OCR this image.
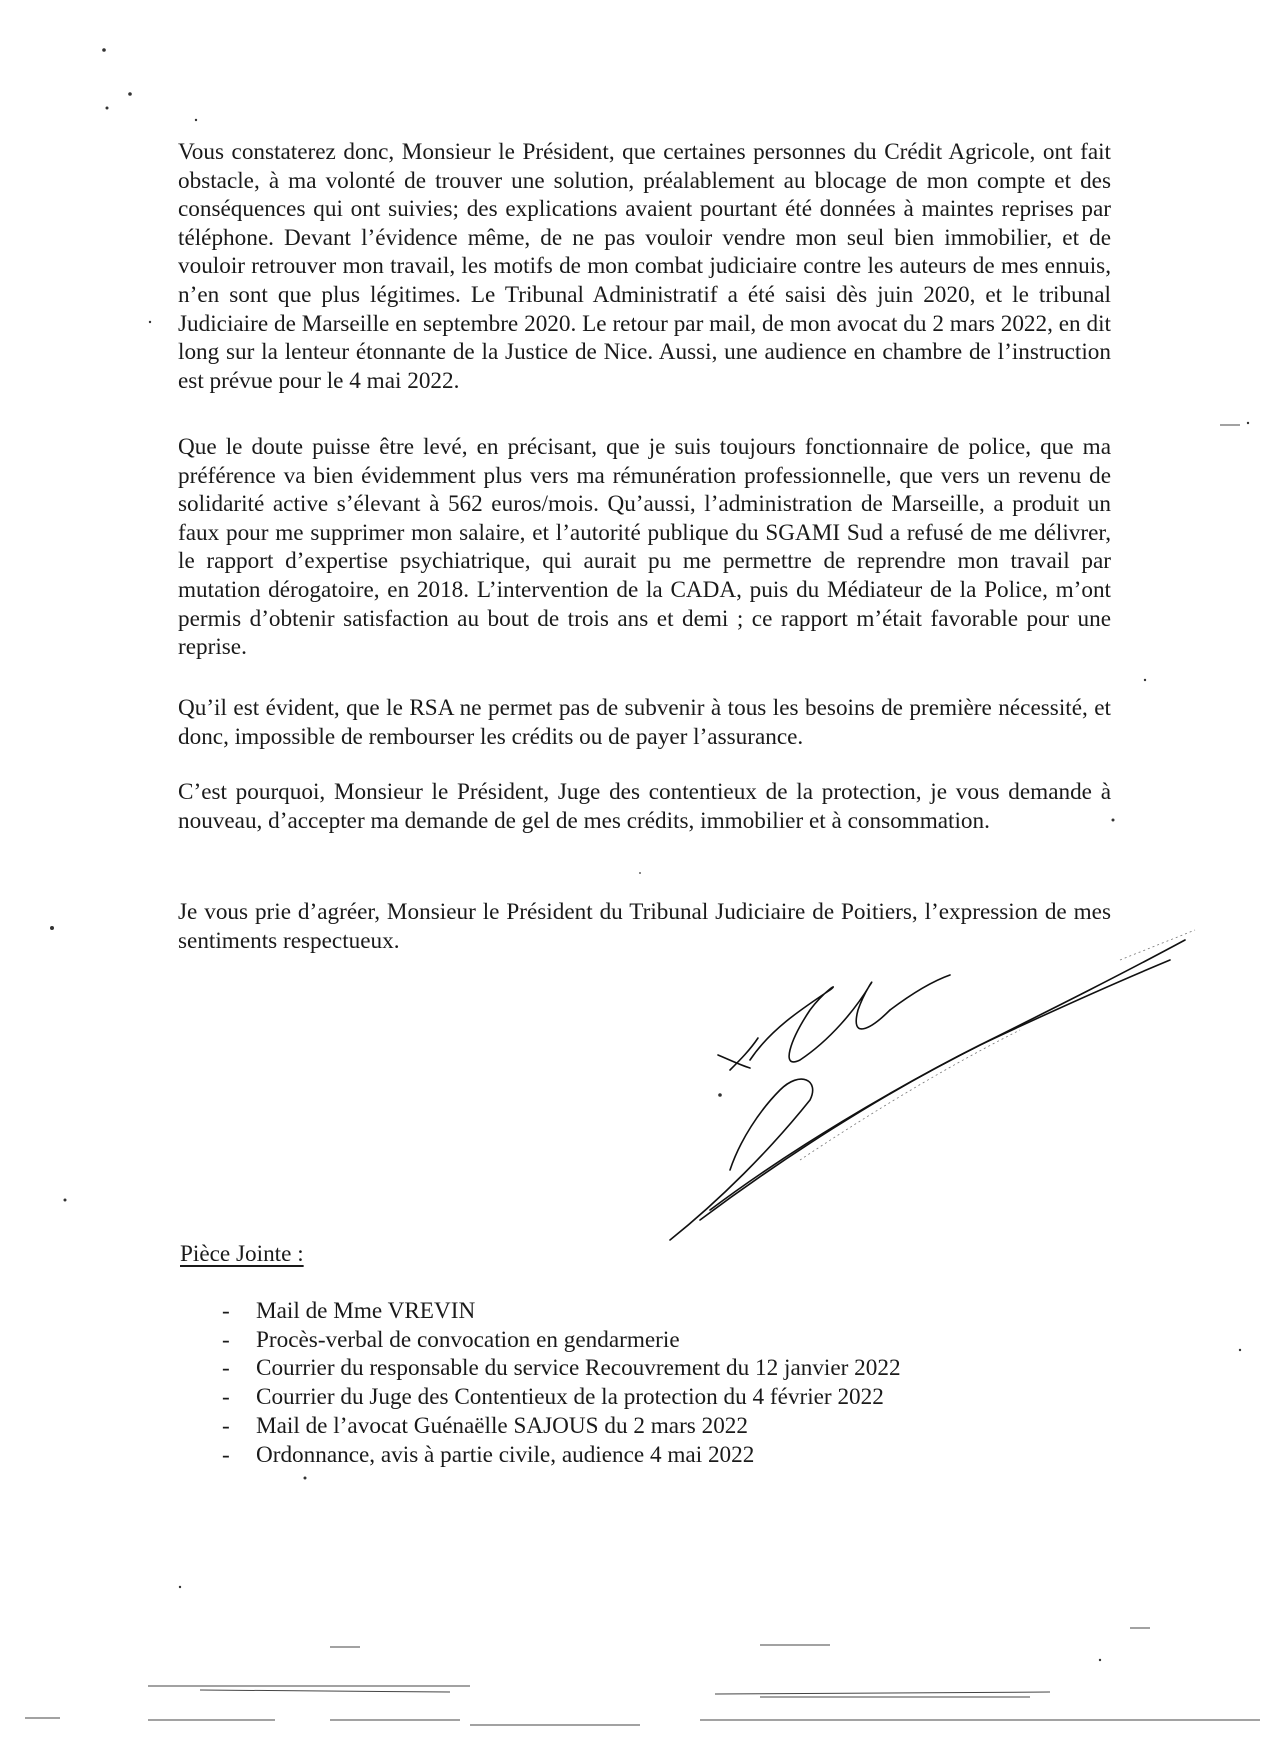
Vous constaterez donc, Monsieur le Président, que certaines personnes du Crédit Agricole, ont fait obstacle, à ma volonté de trouver une solution, préalablement au blocage de mon compte et des conséquences qui ont suivies; des explications avaient pourtant été données à maintes reprises par téléphone. Devant l’évidence même, de ne pas vouloir vendre mon seul bien immobilier, et de vouloir retrouver mon travail, les motifs de mon combat judiciaire contre les auteurs de mes ennuis, n’en sont que plus légitimes. Le Tribunal Administratif a été saisi dès juin 2020, et le tribunal Judiciaire de Marseille en septembre 2020. Le retour par mail, de mon avocat du 2 mars 2022, en dit long sur la lenteur étonnante de la Justice de Nice. Aussi, une audience en chambre de l’instruction est prévue pour le 4 mai 2022.

Que le doute puisse être levé, en précisant, que je suis toujours fonctionnaire de police, que ma préférence va bien évidemment plus vers ma rémunération professionnelle, que vers un revenu de solidarité active s’élevant à 562 euros/mois. Qu’aussi, l’administration de Marseille, a produit un faux pour me supprimer mon salaire, et l’autorité publique du SGAMI Sud a refusé de me délivrer, le rapport d’expertise psychiatrique, qui aurait pu me permettre de reprendre mon travail par mutation dérogatoire, en 2018. L’intervention de la CADA, puis du Médiateur de la Police, m’ont permis d’obtenir satisfaction au bout de trois ans et demi ; ce rapport m’était favorable pour une reprise.

Qu’il est évident, que le RSA ne permet pas de subvenir à tous les besoins de première nécessité, et donc, impossible de rembourser les crédits ou de payer l’assurance.

C’est pourquoi, Monsieur le Président, Juge des contentieux de la protection, je vous demande à nouveau, d’accepter ma demande de gel de mes crédits, immobilier et à consommation.

Je vous prie d’agréer, Monsieur le Président du Tribunal Judiciaire de Poitiers, l’expression de mes sentiments respectueux.

Pièce Jointe :

- Mail de Mme VREVIN
- Procès-verbal de convocation en gendarmerie
- Courrier du responsable du service Recouvrement du 12 janvier 2022
- Courrier du Juge des Contentieux de la protection du 4 février 2022
- Mail de l’avocat Guénaëlle SAJOUS du 2 mars 2022
- Ordonnance, avis à partie civile, audience 4 mai 2022
